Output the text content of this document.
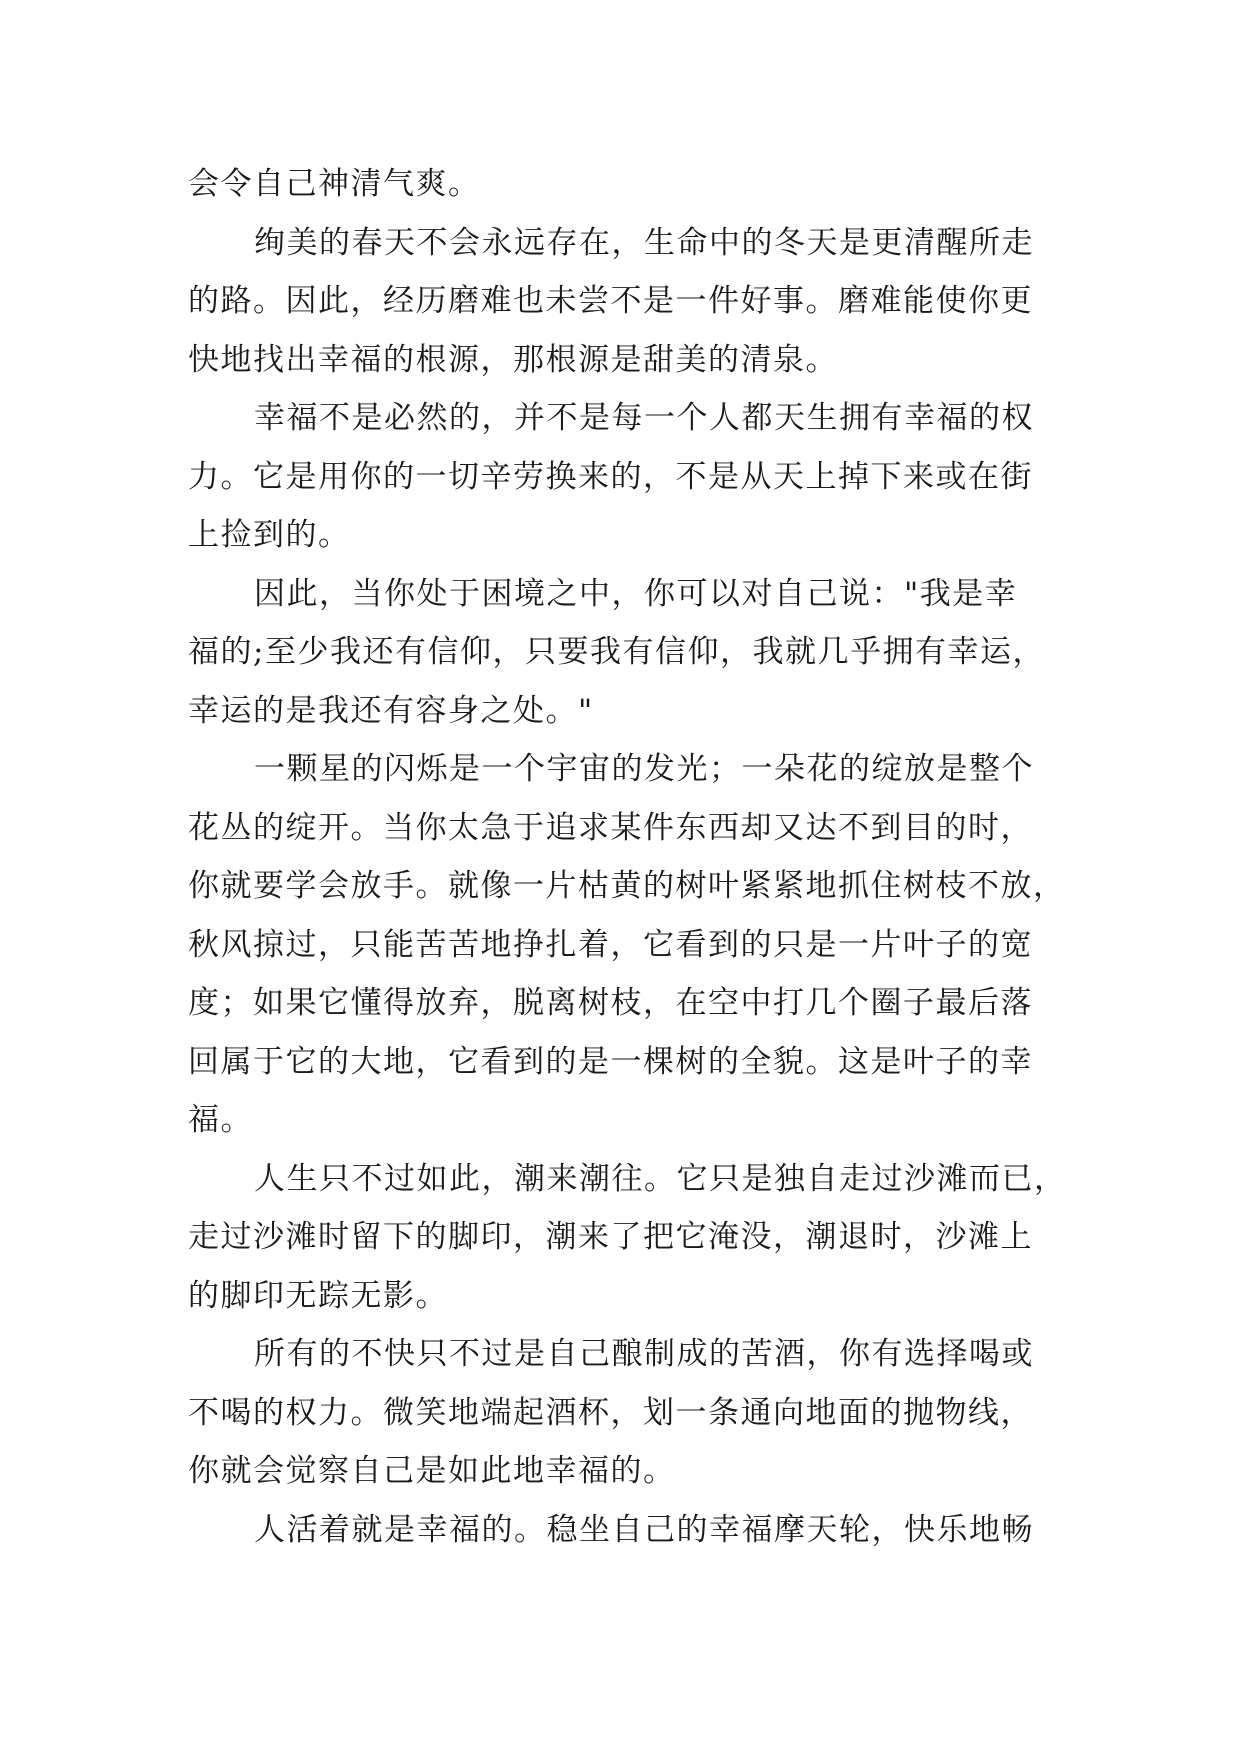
会令自己神清气爽。
绚美的春天不会永远存在，生命中的冬天是更清醒所走
的路。因此，经历磨难也未尝不是一件好事。磨难能使你更
快地找出幸福的根源，那根源是甜美的清泉。
幸福不是必然的，并不是每一个人都天生拥有幸福的权
力。它是用你的一切辛劳换来的，不是从天上掉下来或在街
上捡到的。
因此，当你处于困境之中，你可以对自己说："我是幸
福的;至少我还有信仰，只要我有信仰，我就几乎拥有幸运，
幸运的是我还有容身之处。"
一颗星的闪烁是一个宇宙的发光；一朵花的绽放是整个
花丛的绽开。当你太急于追求某件东西却又达不到目的时，
你就要学会放手。就像一片枯黄的树叶紧紧地抓住树枝不放，
秋风掠过，只能苦苦地挣扎着，它看到的只是一片叶子的宽
度；如果它懂得放弃，脱离树枝，在空中打几个圈子最后落
回属于它的大地，它看到的是一棵树的全貌。这是叶子的幸
福。
人生只不过如此，潮来潮往。它只是独自走过沙滩而已，
走过沙滩时留下的脚印，潮来了把它淹没，潮退时，沙滩上
的脚印无踪无影。
所有的不快只不过是自己酿制成的苦酒，你有选择喝或
不喝的权力。微笑地端起酒杯，划一条通向地面的抛物线，
你就会觉察自己是如此地幸福的。
人活着就是幸福的。稳坐自己的幸福摩天轮，快乐地畅
